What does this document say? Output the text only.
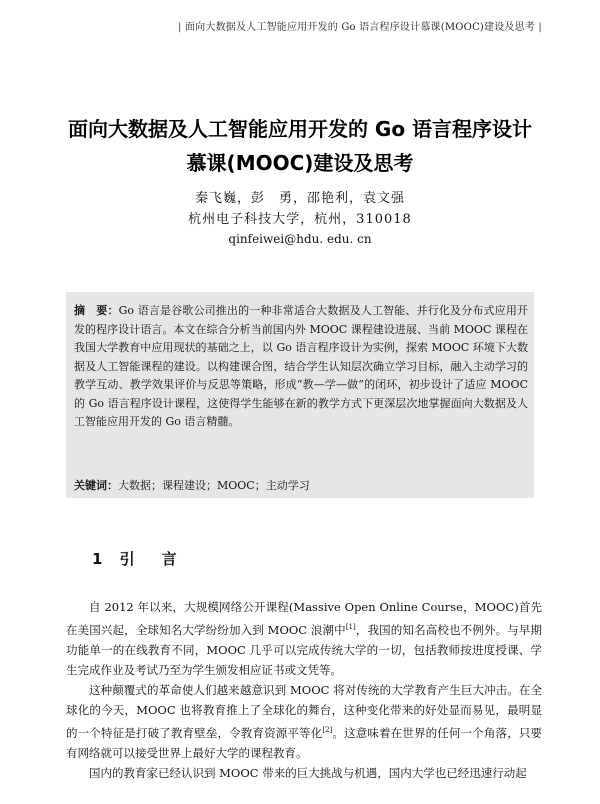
| 面向大数据及人工智能应用开发的 Go 语言程序设计慕课(MOOC)建设及思考 |
面向大数据及人工智能应用开发的 Go 语言程序设计
慕课(MOOC)建设及思考
秦飞巍，彭　勇，邵艳利，袁文强
杭州电子科技大学，杭州，310018
qinfeiwei@hdu. edu. cn
摘　要：Go 语言是谷歌公司推出的一种非常适合大数据及人工智能、并行化及分布式应用开发的程序设计语言。本文在综合分析当前国内外 MOOC 课程建设进展、当前 MOOC 课程在我国大学教育中应用现状的基础之上，以 Go 语言程序设计为实例，探索 MOOC 环境下大数据及人工智能课程的建设。以构建课合图，结合学生认知层次确立学习目标，融入主动学习的教学互动、教学效果评价与反思等策略，形成“教—学—做”的闭环，初步设计了适应 MOOC 的 Go 语言程序设计课程，这使得学生能够在新的教学方式下更深层次地掌握面向大数据及人工智能应用开发的 Go 语言精髓。
关键词：大数据；课程建设；MOOC；主动学习
1 引　言

自 2012 年以来，大规模网络公开课程(Massive Open Online Course，MOOC)首先在美国兴起，全球知名大学纷纷加入到 MOOC 浪潮中[1]，我国的知名高校也不例外。与早期功能单一的在线教育不同，MOOC 几乎可以完成传统大学的一切，包括教师按进度授课、学生完成作业及考试乃至为学生颁发相应证书或文凭等。

这种颠覆式的革命使人们越来越意识到 MOOC 将对传统的大学教育产生巨大冲击。在全球化的今天，MOOC 也将教育推上了全球化的舞台，这种变化带来的好处显而易见，最明显的一个特征是打破了教育壁垒，令教育资源平等化[2]。这意味着在世界的任何一个角落，只要有网络就可以接受世界上最好大学的课程教育。

国内的教育家已经认识到 MOOC 带来的巨大挑战与机遇，国内大学也已经迅速行动起
